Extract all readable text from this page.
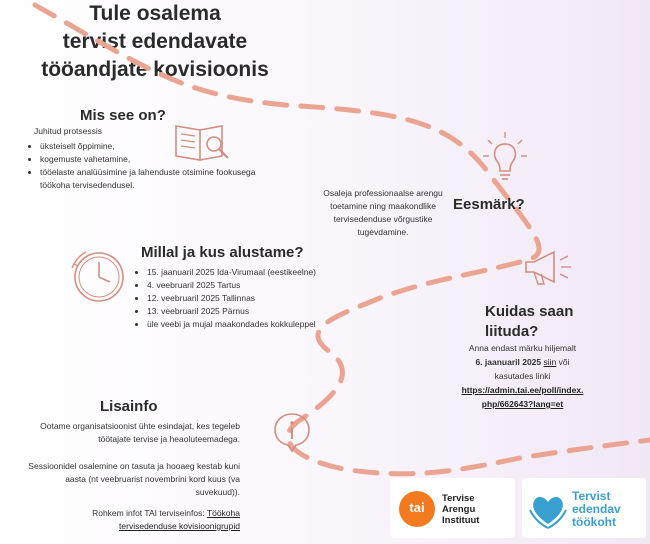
Tule osalema
tervist edendavate
tööandjate kovisioonis
Mis see on?
Juhitud protsessis
• üksteiselt õppimine,
• kogemuste vahetamine,
• tööelaste analüüsimine ja lahenduste otsimine fookusega töökoha tervisedendusel.
Eesmärk?
Osaleja professionaalse arengu toetamine ning maakondlike tervisedenduse võrgustike tugevdamine.
Millal ja kus alustame?
• 15. jaanuaril 2025 Ida-Virumaal (eestikeelne)
• 4. veebruaril 2025 Tartus
• 12. veebruaril 2025 Tallinnas
• 13. veebruaril 2025 Pärnus
• üle veebi ja mujal maakondades kokkuleppel
Kuidas saan
liituda?
Anna endast märku hiljemalt
6. jaanuaril 2025 siin või
kasutades linki
https://admin.tai.ee/poll/index.
php/662643?lang=et
Lisainfo
Ootame organisatsioonist ühte esindajat, kes tegeleb töötajate tervise ja heaoluteemadega.
Sessioonidel osalemine on tasuta ja hooaeg kestab kuni aasta (nt veebruarist novembrini kord kuus (va suvekuud)).
Rohkem infot TAI terviseinfos: Töökoha
tervisedenduse kovisioonigrupid
tai
Tervise
Arengu
Instituut
Tervist
edendav
töökoht
